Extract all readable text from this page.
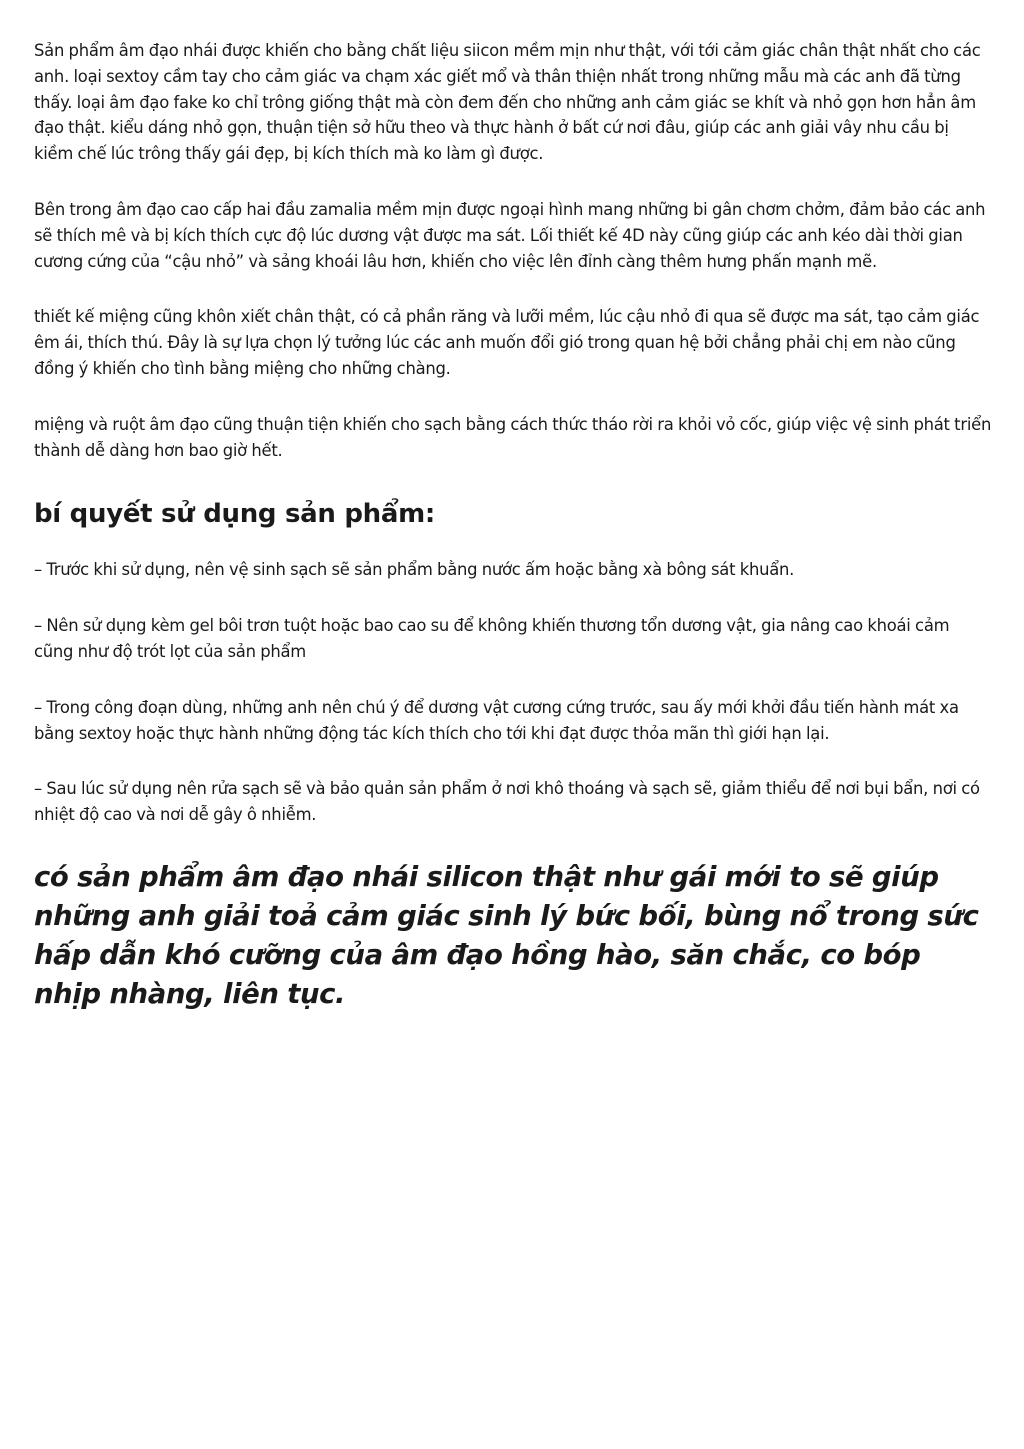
Sản phẩm âm đạo nhái được khiến cho bằng chất liệu siicon mềm mịn như thật, với tới cảm giác chân thật nhất cho các anh. loại sextoy cầm tay cho cảm giác va chạm xác giết mổ và thân thiện nhất trong những mẫu mà các anh đã từng thấy. loại âm đạo fake ko chỉ trông giống thật mà còn đem đến cho những anh cảm giác se khít và nhỏ gọn hơn hẳn âm đạo thật. kiểu dáng nhỏ gọn, thuận tiện sở hữu theo và thực hành ở bất cứ nơi đâu, giúp các anh giải vây nhu cầu bị kiềm chế lúc trông thấy gái đẹp, bị kích thích mà ko làm gì được.

Bên trong âm đạo cao cấp hai đầu zamalia mềm mịn được ngoại hình mang những bi gân chơm chởm, đảm bảo các anh sẽ thích mê và bị kích thích cực độ lúc dương vật được ma sát. Lối thiết kế 4D này cũng giúp các anh kéo dài thời gian cương cứng của “cậu nhỏ” và sảng khoái lâu hơn, khiến cho việc lên đỉnh càng thêm hưng phấn mạnh mẽ.

thiết kế miệng cũng khôn xiết chân thật, có cả phần răng và lưỡi mềm, lúc cậu nhỏ đi qua sẽ được ma sát, tạo cảm giác êm ái, thích thú. Đây là sự lựa chọn lý tưởng lúc các anh muốn đổi gió trong quan hệ bởi chẳng phải chị em nào cũng đồng ý khiến cho tình bằng miệng cho những chàng.

miệng và ruột âm đạo cũng thuận tiện khiến cho sạch bằng cách thức tháo rời ra khỏi vỏ cốc, giúp việc vệ sinh phát triển thành dễ dàng hơn bao giờ hết.

bí quyết sử dụng sản phẩm:

– Trước khi sử dụng, nên vệ sinh sạch sẽ sản phẩm bằng nước ấm hoặc bằng xà bông sát khuẩn.

– Nên sử dụng kèm gel bôi trơn tuột hoặc bao cao su để không khiến thương tổn dương vật, gia nâng cao khoái cảm cũng như độ trót lọt của sản phẩm

– Trong công đoạn dùng, những anh nên chú ý để dương vật cương cứng trước, sau ấy mới khởi đầu tiến hành mát xa bằng sextoy hoặc thực hành những động tác kích thích cho tới khi đạt được thỏa mãn thì giới hạn lại.

– Sau lúc sử dụng nên rửa sạch sẽ và bảo quản sản phẩm ở nơi khô thoáng và sạch sẽ, giảm thiểu để nơi bụi bẩn, nơi có nhiệt độ cao và nơi dễ gây ô nhiễm.

có sản phẩm âm đạo nhái silicon thật như gái mới to sẽ giúp những anh giải toả cảm giác sinh lý bức bối, bùng nổ trong sức hấp dẫn khó cưỡng của âm đạo hồng hào, săn chắc, co bóp nhịp nhàng, liên tục.
